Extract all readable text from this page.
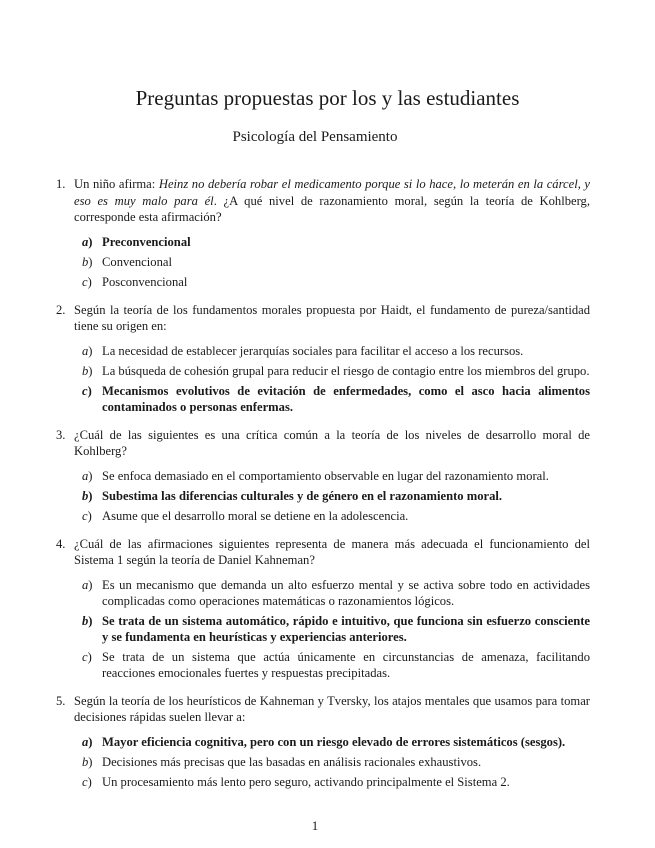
Preguntas propuestas por los y las estudiantes
Psicología del Pensamiento
1. Un niño afirma: Heinz no debería robar el medicamento porque si lo hace, lo meterán en la cárcel, y eso es muy malo para él. ¿A qué nivel de razonamiento moral, según la teoría de Kohlberg, corresponde esta afirmación?
a) Preconvencional
b) Convencional
c) Posconvencional
2. Según la teoría de los fundamentos morales propuesta por Haidt, el fundamento de pureza/santidad tiene su origen en:
a) La necesidad de establecer jerarquías sociales para facilitar el acceso a los recursos.
b) La búsqueda de cohesión grupal para reducir el riesgo de contagio entre los miembros del grupo.
c) Mecanismos evolutivos de evitación de enfermedades, como el asco hacia alimentos contaminados o personas enfermas.
3. ¿Cuál de las siguientes es una crítica común a la teoría de los niveles de desarrollo moral de Kohlberg?
a) Se enfoca demasiado en el comportamiento observable en lugar del razonamiento moral.
b) Subestima las diferencias culturales y de género en el razonamiento moral.
c) Asume que el desarrollo moral se detiene en la adolescencia.
4. ¿Cuál de las afirmaciones siguientes representa de manera más adecuada el funcionamiento del Sistema 1 según la teoría de Daniel Kahneman?
a) Es un mecanismo que demanda un alto esfuerzo mental y se activa sobre todo en actividades complicadas como operaciones matemáticas o razonamientos lógicos.
b) Se trata de un sistema automático, rápido e intuitivo, que funciona sin esfuerzo consciente y se fundamenta en heurísticas y experiencias anteriores.
c) Se trata de un sistema que actúa únicamente en circunstancias de amenaza, facilitando reacciones emocionales fuertes y respuestas precipitadas.
5. Según la teoría de los heurísticos de Kahneman y Tversky, los atajos mentales que usamos para tomar decisiones rápidas suelen llevar a:
a) Mayor eficiencia cognitiva, pero con un riesgo elevado de errores sistemáticos (sesgos).
b) Decisiones más precisas que las basadas en análisis racionales exhaustivos.
c) Un procesamiento más lento pero seguro, activando principalmente el Sistema 2.
1
